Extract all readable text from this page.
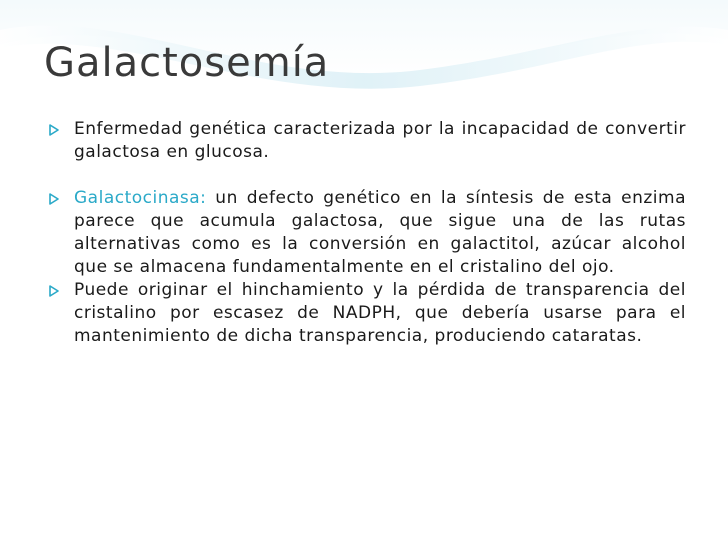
Galactosemía
Enfermedad genética caracterizada por la incapacidad de convertir galactosa en glucosa.
Galactocinasa: un defecto genético en la síntesis de esta enzima parece que acumula galactosa, que sigue una de las rutas alternativas como es la conversión en galactitol, azúcar alcohol que se almacena fundamentalmente en el cristalino del ojo.
Puede originar el hinchamiento y la pérdida de transparencia del cristalino por escasez de NADPH, que debería usarse para el mantenimiento de dicha transparencia, produciendo cataratas.
